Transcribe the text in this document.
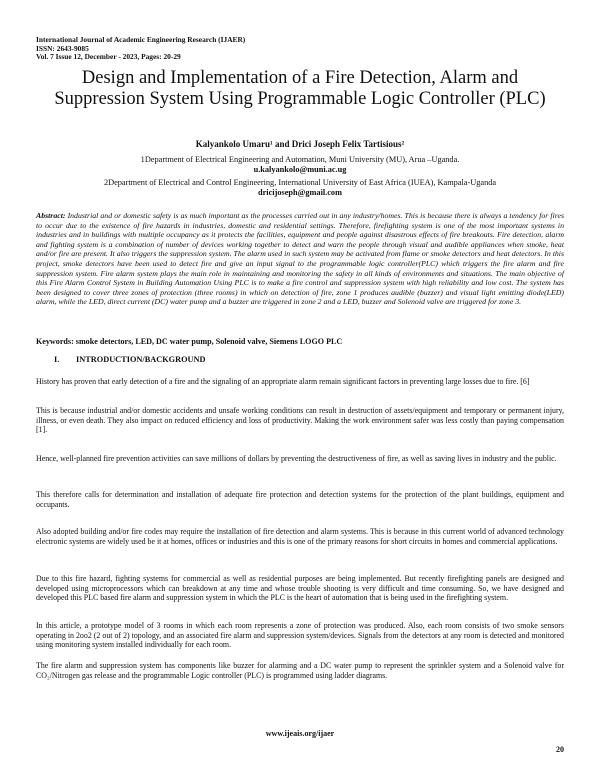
International Journal of Academic Engineering Research (IJAER)
ISSN: 2643-9085
Vol. 7 Issue 12, December - 2023, Pages: 20-29
Design and Implementation of a Fire Detection, Alarm and Suppression System Using Programmable Logic Controller (PLC)
Kalyankolo Umaru¹ and Drici Joseph Felix Tartisious²
1Department of Electrical Engineering and Automation, Muni University (MU), Arua –Uganda.
u.kalyankolo@muni.ac.ug
2Department of Electrical and Control Engineering, International University of East Africa (IUEA), Kampala-Uganda
dricijoseph@gmail.com
Abstract: Industrial and or domestic safety is as much important as the processes carried out in any industry/homes. This is because there is always a tendency for fires to occur due to the existence of fire hazards in industries, domestic and residential settings. Therefore, firefighting system is one of the most important systems in industries and in buildings with multiple occupancy as it protects the facilities, equipment and people against disastrous effects of fire breakouts. Fire detection, alarm and fighting system is a combination of number of devices working together to detect and warn the people through visual and audible appliances when smoke, heat and/or fire are present. It also triggers the suppression system. The alarm used in such system may be activated from flame or smoke detectors and heat detectors. In this project, smoke detectors have been used to detect fire and give an input signal to the programmable logic controller(PLC) which triggers the fire alarm and fire suppression system. Fire alarm system plays the main role in maintaining and monitoring the safety in all kinds of environments and situations. The main objective of this Fire Alarm Control System in Building Automation Using PLC is to make a fire control and suppression system with high reliability and low cost. The system has been designed to cover three zones of protection (three rooms) in which on detection of fire, zone 1 produces audible (buzzer) and visual light emitting diode(LED) alarm, while the LED, direct current (DC) water pump and a buzzer are triggered in zone 2 and a LED, buzzer and Solenoid valve are triggered for zone 3.
Keywords: smoke detectors, LED, DC water pump, Solenoid valve, Siemens LOGO PLC
I. INTRODUCTION/BACKGROUND
History has proven that early detection of a fire and the signaling of an appropriate alarm remain significant factors in preventing large losses due to fire. [6]
This is because industrial and/or domestic accidents and unsafe working conditions can result in destruction of assets/equipment and temporary or permanent injury, illness, or even death. They also impact on reduced efficiency and loss of productivity. Making the work environment safer was less costly than paying compensation [1].
Hence, well-planned fire prevention activities can save millions of dollars by preventing the destructiveness of fire, as well as saving lives in industry and the public.
This therefore calls for determination and installation of adequate fire protection and detection systems for the protection of the plant buildings, equipment and occupants.
Also adopted building and/or fire codes may require the installation of fire detection and alarm systems. This is because in this current world of advanced technology electronic systems are widely used be it at homes, offices or industries and this is one of the primary reasons for short circuits in homes and commercial applications.
Due to this fire hazard, fighting systems for commercial as well as residential purposes are being implemented. But recently firefighting panels are designed and developed using microprocessors which can breakdown at any time and whose trouble shooting is very difficult and time consuming. So, we have designed and developed this PLC based fire alarm and suppression system in which the PLC is the heart of automation that is being used in the firefighting system.
In this article, a prototype model of 3 rooms in which each room represents a zone of protection was produced. Also, each room consists of two smoke sensors operating in 2oo2 (2 out of 2) topology, and an associated fire alarm and suppression system/devices. Signals from the detectors at any room is detected and monitored using monitoring system installed individually for each room.
The fire alarm and suppression system has components like buzzer for alarming and a DC water pump to represent the sprinkler system and a Solenoid valve for CO₂/Nitrogen gas release and the programmable Logic controller (PLC) is programmed using ladder diagrams.
www.ijeais.org/ijaer
20
